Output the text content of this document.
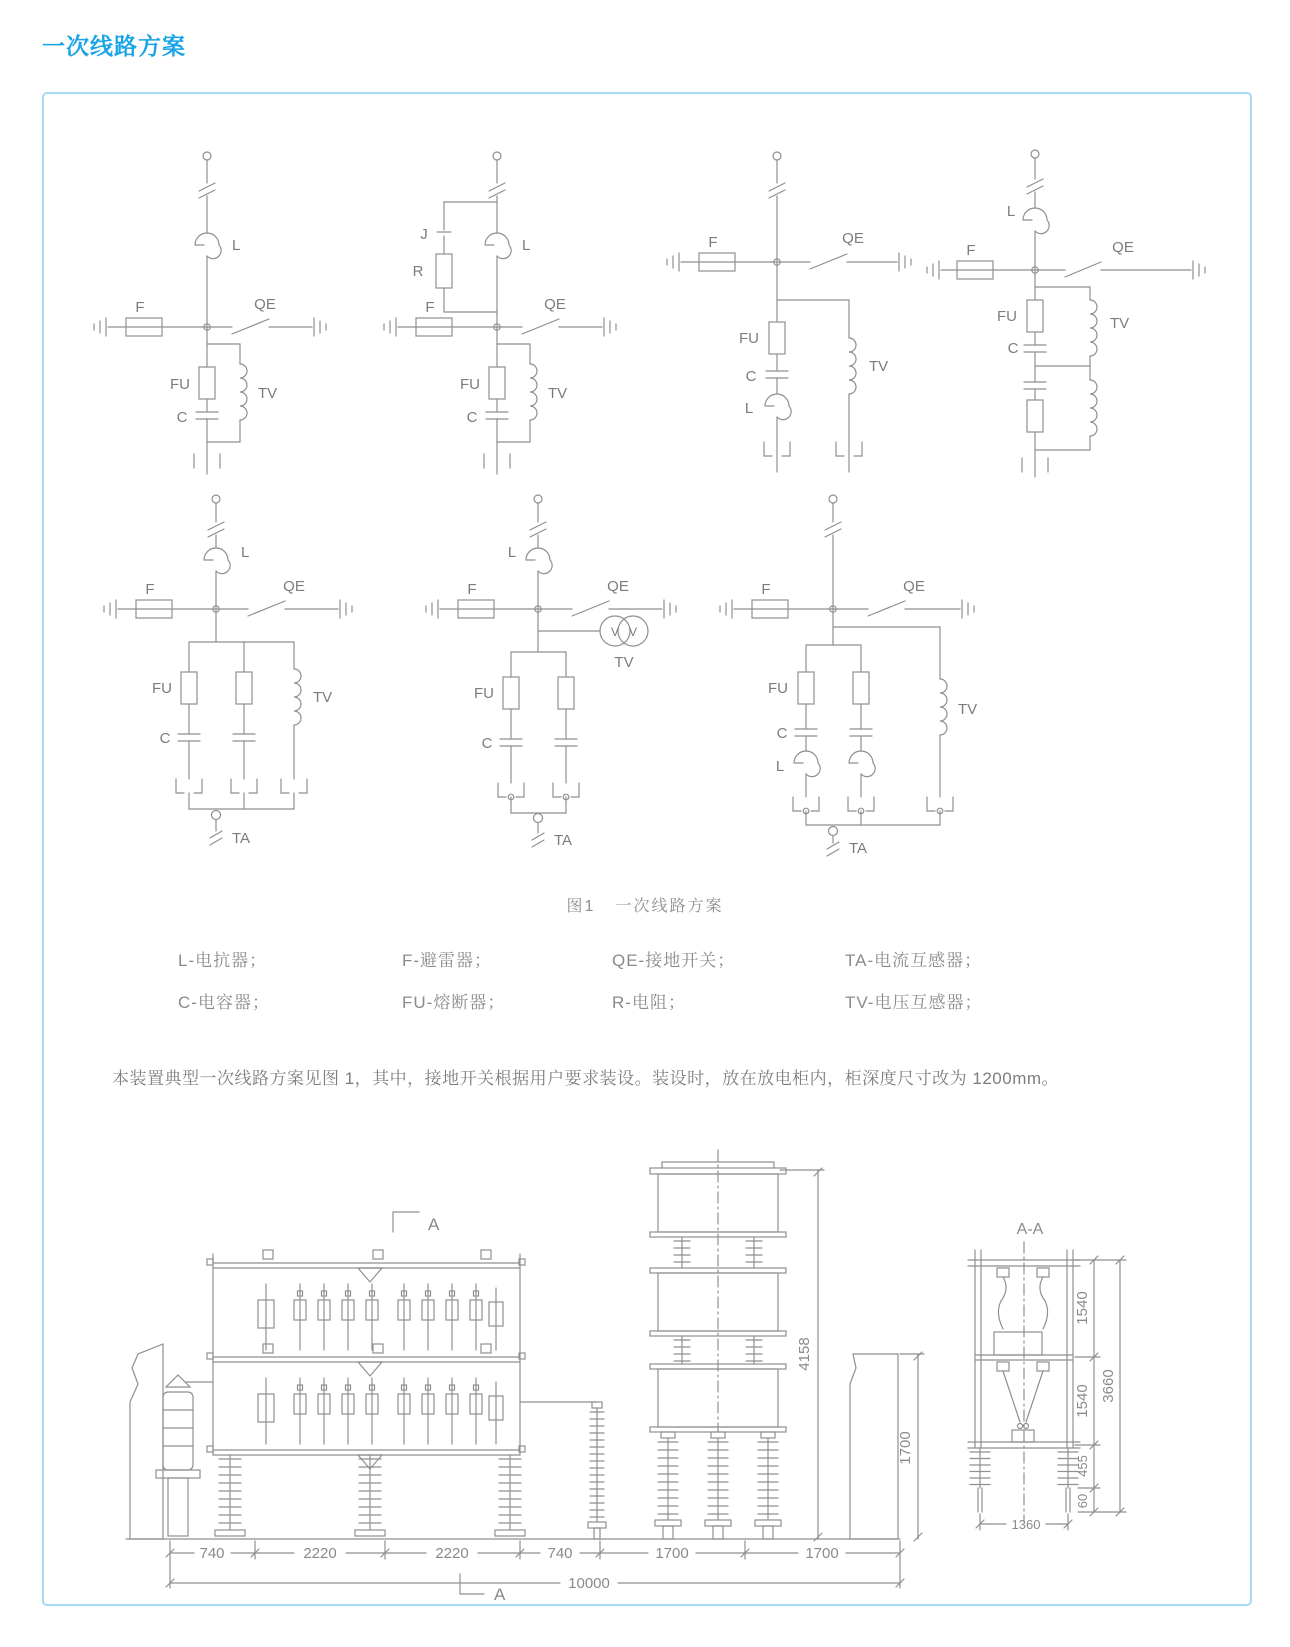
一次线路方案
L
F	QE
FU
C
TV
J
R
L
F	QE
FU
C
TV
F	QE
FU
C
L
TV
L
F	QE
FU
C
TV
L
F	QE
FU
C
TV
TA
V V
TV
L
F	QE
FU
C
TA
F	QE
FU
C
L
TV
TA
图1 一次线路方案
L-电抗器；	F-避雷器；	QE-接地开关；	TA-电流互感器；
C-电容器；	FU-熔断器；	R-电阻；	TV-电压互感器；
本装置典型一次线路方案见图 1，其中，接地开关根据用户要求装设。装设时，放在放电柜内，柜深度尺寸改为 1200mm。
A
A
4158
1700
740	2220	2220	740	1700	1700
10000
A-A
1540
1540
455
60
3660
1360
